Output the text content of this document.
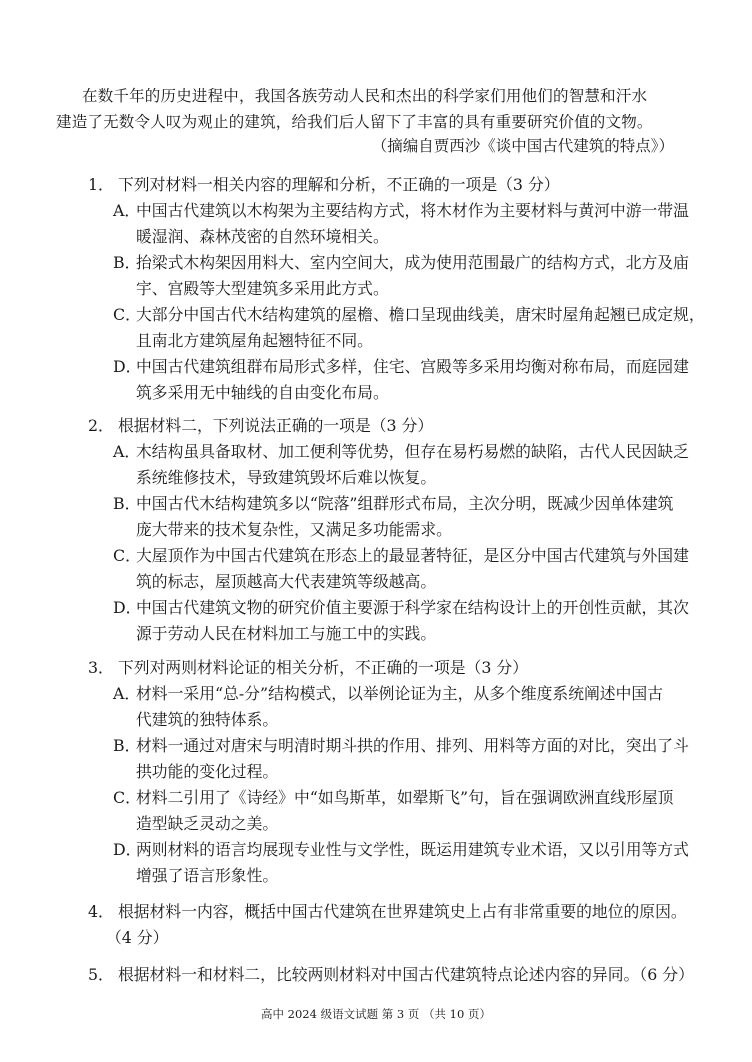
在数千年的历史进程中，我国各族劳动人民和杰出的科学家们用他们的智慧和汗水
建造了无数令人叹为观止的建筑，给我们后人留下了丰富的具有重要研究价值的文物。
（摘编自贾西沙《谈中国古代建筑的特点》）
1． 下列对材料一相关内容的理解和分析，不正确的一项是（3 分）
A．
中国古代建筑以木构架为主要结构方式，将木材作为主要材料与黄河中游一带温
暖湿润、森林茂密的自然环境相关。
B．
抬梁式木构架因用料大、室内空间大，成为使用范围最广的结构方式，北方及庙
宇、宫殿等大型建筑多采用此方式。
C．
大部分中国古代木结构建筑的屋檐、檐口呈现曲线美，唐宋时屋角起翘已成定规，
且南北方建筑屋角起翘特征不同。
D．
中国古代建筑组群布局形式多样，住宅、宫殿等多采用均衡对称布局，而庭园建
筑多采用无中轴线的自由变化布局。
2． 根据材料二，下列说法正确的一项是（3 分）
A．
木结构虽具备取材、加工便利等优势，但存在易朽易燃的缺陷，古代人民因缺乏
系统维修技术，导致建筑毁坏后难以恢复。
B．
中国古代木结构建筑多以“院落”组群形式布局，主次分明，既减少因单体建筑
庞大带来的技术复杂性，又满足多功能需求。
C．
大屋顶作为中国古代建筑在形态上的最显著特征，是区分中国古代建筑与外国建
筑的标志，屋顶越高大代表建筑等级越高。
D．
中国古代建筑文物的研究价值主要源于科学家在结构设计上的开创性贡献，其次
源于劳动人民在材料加工与施工中的实践。
3． 下列对两则材料论证的相关分析，不正确的一项是（3 分）
A．
材料一采用“总-分”结构模式，以举例论证为主，从多个维度系统阐述中国古
代建筑的独特体系。
B．
材料一通过对唐宋与明清时期斗拱的作用、排列、用料等方面的对比，突出了斗
拱功能的变化过程。
C．
材料二引用了《诗经》中“如鸟斯革，如翚斯飞”句，旨在强调欧洲直线形屋顶
造型缺乏灵动之美。
D．
两则材料的语言均展现专业性与文学性，既运用建筑专业术语，又以引用等方式
增强了语言形象性。
4． 根据材料一内容，概括中国古代建筑在世界建筑史上占有非常重要的地位的原因。
（4 分）
5． 根据材料一和材料二，比较两则材料对中国古代建筑特点论述内容的异同。（6 分）
高中 2024 级语文试题 第 3 页 （共 10 页）
